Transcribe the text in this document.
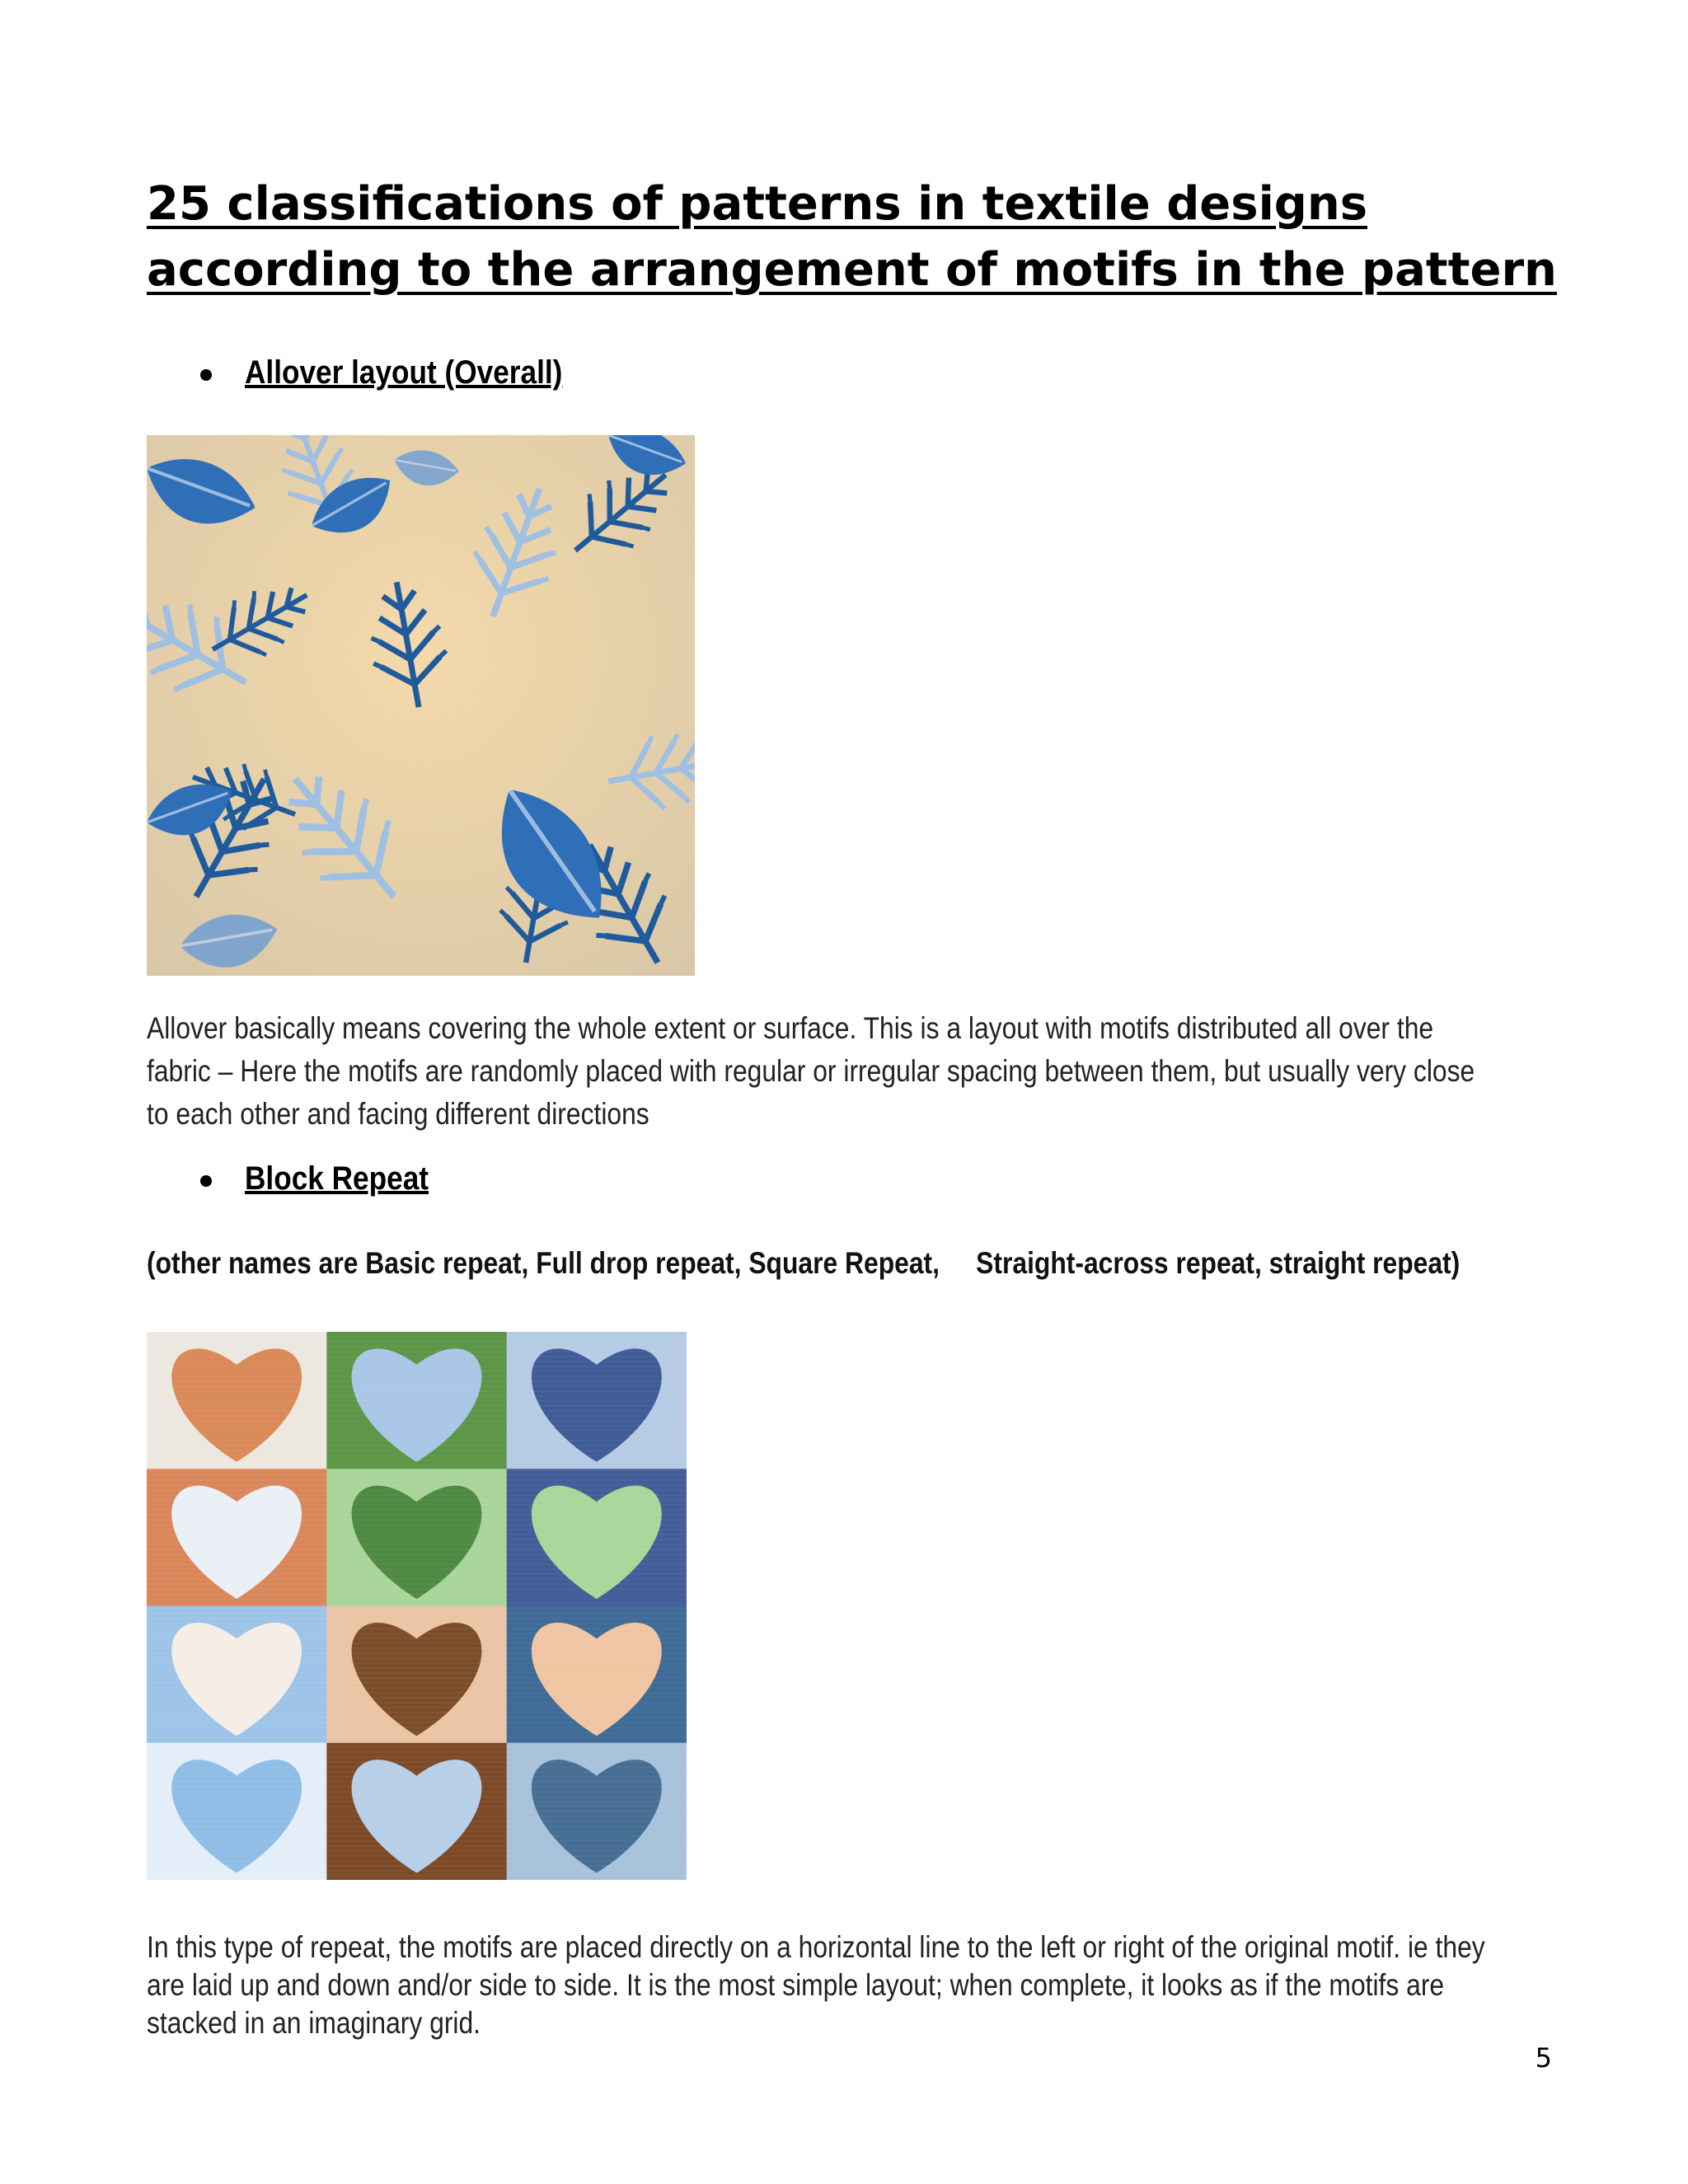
25 classifications of patterns in textile designs according to the arrangement of motifs in the pattern
Allover layout (Overall)

Allover basically means covering the whole extent or surface. This is a layout with motifs distributed all over the fabric – Here the motifs are randomly placed with regular or irregular spacing between them, but usually very close to each other and facing different directions

Block Repeat

(other names are Basic repeat, Full drop repeat, Square Repeat,     Straight-across repeat, straight repeat)

In this type of repeat, the motifs are placed directly on a horizontal line to the left or right of the original motif. ie they are laid up and down and/or side to side. It is the most simple layout; when complete, it looks as if the motifs are stacked in an imaginary grid.

5
